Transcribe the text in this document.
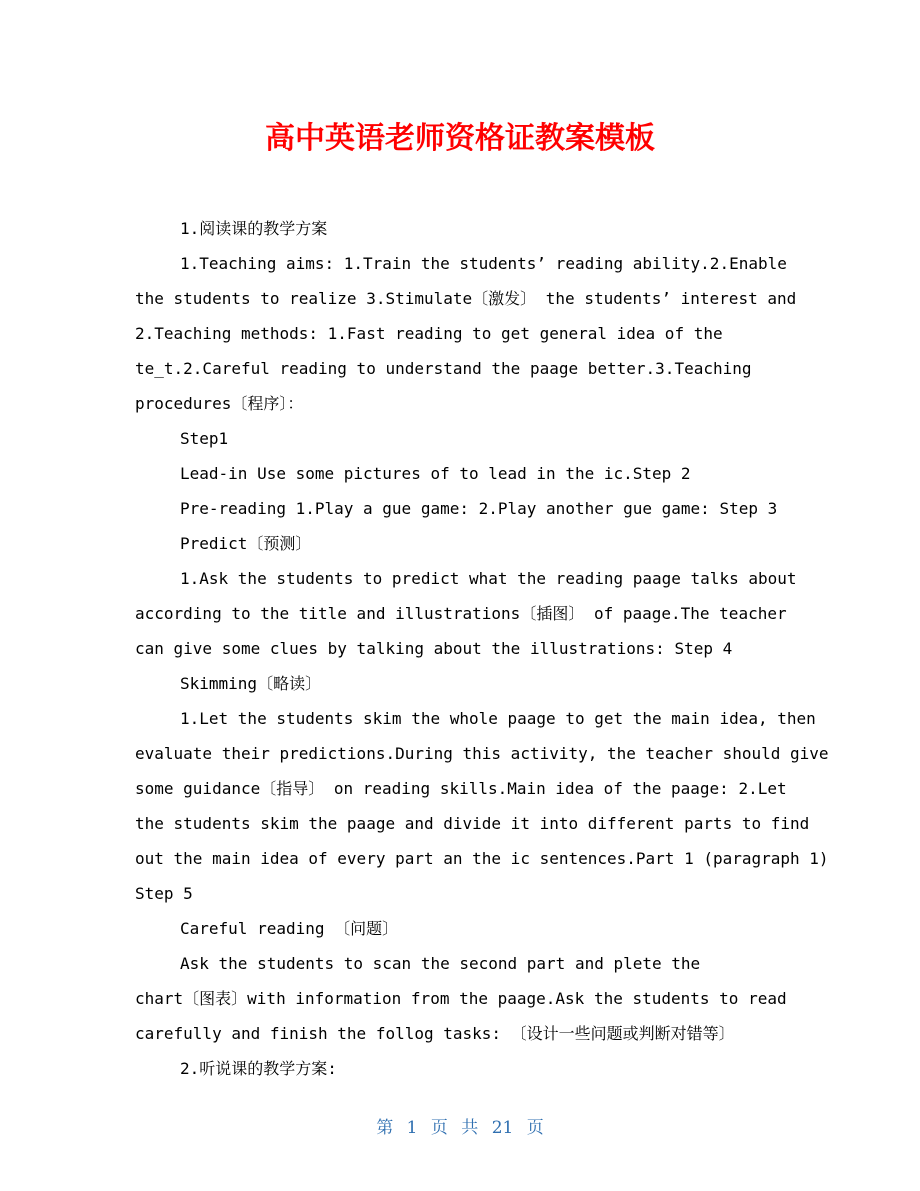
高中英语老师资格证教案模板
1.阅读课的教学方案
1.Teaching aims: 1.Train the students’ reading ability.2.Enable
the students to realize 3.Stimulate〔激发〕 the students’ interest and
2.Teaching methods: 1.Fast reading to get general idea of the
te_t.2.Careful reading to understand the paage better.3.Teaching
procedures〔程序〕：
Step1
Lead-in Use some pictures of to lead in the ic.Step 2
Pre-reading 1.Play a gue game: 2.Play another gue game: Step 3
Predict〔预测〕
1.Ask the students to predict what the reading paage talks about
according to the title and illustrations〔插图〕 of paage.The teacher
can give some clues by talking about the illustrations: Step 4
Skimming〔略读〕
1.Let the students skim the whole paage to get the main idea, then
evaluate their predictions.During this activity, the teacher should give
some guidance〔指导〕 on reading skills.Main idea of the paage: 2.Let
the students skim the paage and divide it into different parts to find
out the main idea of every part an the ic sentences.Part 1 (paragraph 1)
Step 5
Careful reading 〔问题〕
Ask the students to scan the second part and plete the
chart〔图表〕with information from the paage.Ask the students to read
carefully and finish the follog tasks: 〔设计一些问题或判断对错等〕
2.听说课的教学方案:
第 1 页 共 21 页
